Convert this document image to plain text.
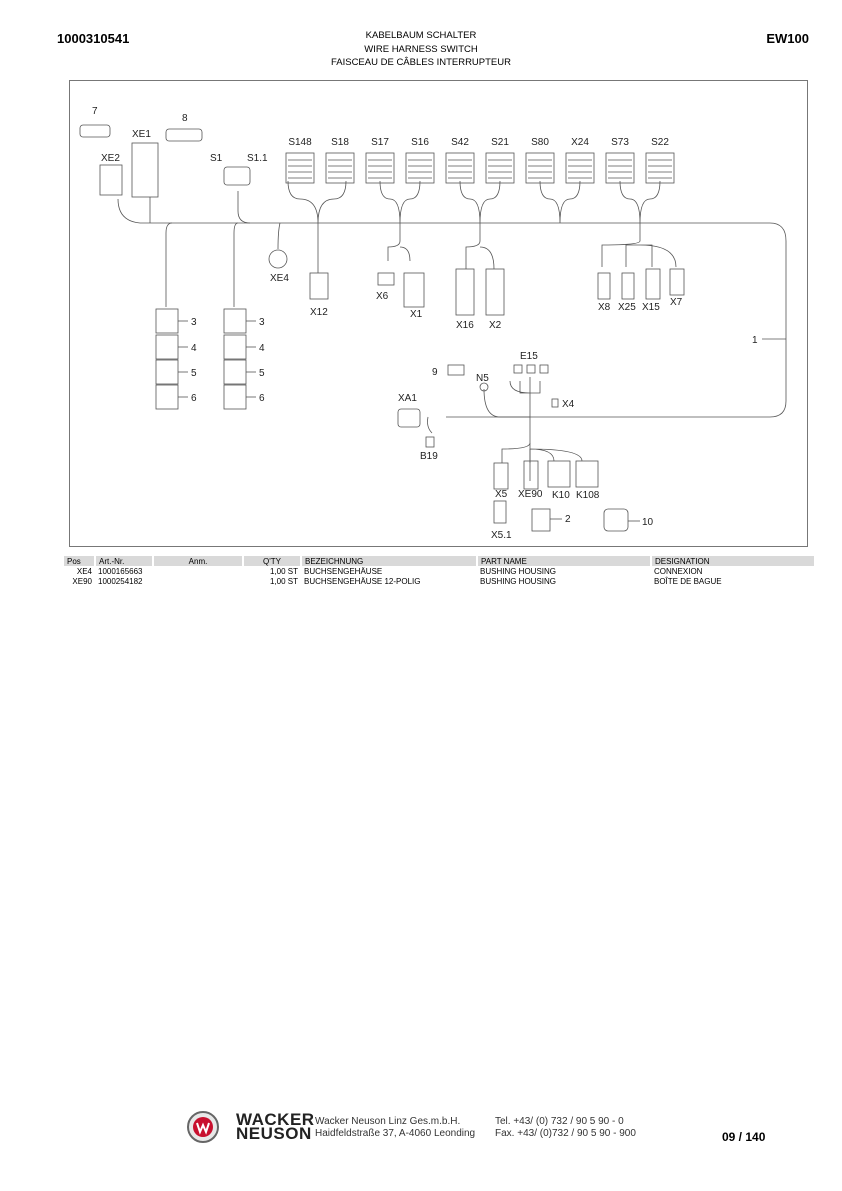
1000310541	KABELBAUM SCHALTER
WIRE HARNESS SWITCH
FAISCEAU DE CÂBLES INTERRUPTEUR
EW100
7
8
XE1
XE2	S1 S1.1
S148 S18 S17 S16 S42 S21 S80 X24 S73 S22
XE4
X12
X6
X1
X16 X2
X8 X25 X15 X7
1
3
4
5
6
3
4
5
6
9
N5
E15
X4
XA1
B19
X5 XE90 K10 K108
X5.1
2	10
Pos	Art.-Nr.	Anm.	Q'TY	BEZEICHNUNG	PART NAME	DESIGNATION
XE4	1000165663		1,00 ST	BUCHSENGEHÄUSE	BUSHING HOUSING	CONNEXION
XE90	1000254182		1,00 ST	BUCHSENGEHÄUSE 12-POLIG	BUSHING HOUSING	BOÎTE DE BAGUE
WACKER
NEUSON
Wacker Neuson Linz Ges.m.b.H.
Haidfeldstraße 37, A-4060 Leonding
Tel. +43/ (0) 732 / 90 5 90 - 0
Fax. +43/ (0)732 / 90 5 90 - 900	09 / 140
